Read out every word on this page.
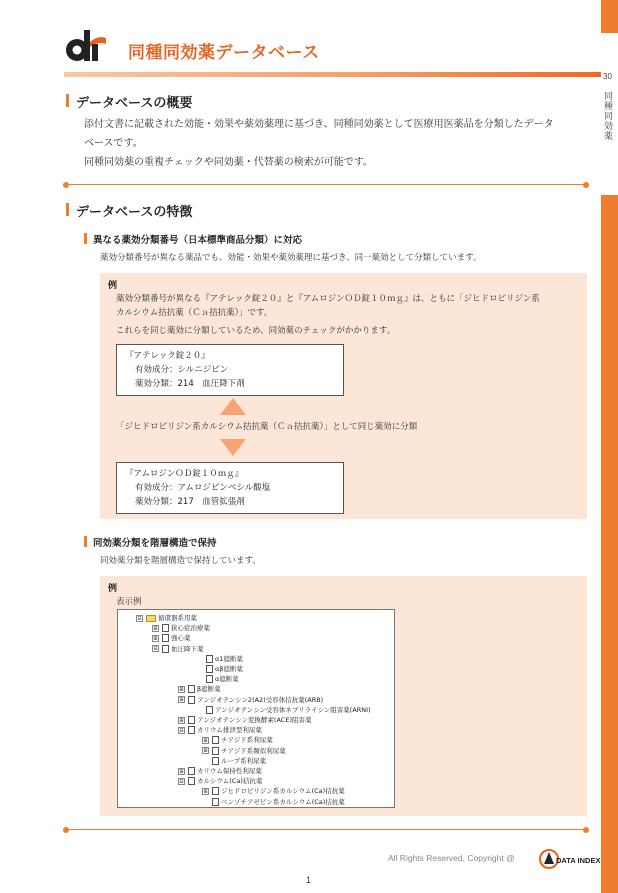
30
同種同効薬
同種同効薬データベース
データベースの概要
添付文書に記載された効能・効果や薬効薬理に基づき、同種同効薬として医療用医薬品を分類したデータ
ベースです。
同種同効薬の重複チェックや同効薬・代替薬の検索が可能です。
データベースの特徴
異なる薬効分類番号（日本標準商品分類）に対応
薬効分類番号が異なる薬品でも、効能・効果や薬効薬理に基づき、同一薬効として分類しています。
例
薬効分類番号が異なる『アテレック錠２０』と『アムロジンＯＤ錠１０ｍｇ』は、ともに「ジヒドロピリジン系
カルシウム拮抗薬（Ｃａ拮抗薬）」です。
これらを同じ薬効に分類しているため、同効薬のチェックがかかります。
『アテレック錠２０』
有効成分：シルニジピン
薬効分類：214　血圧降下剤
「ジヒドロピリジン系カルシウム拮抗薬（Ｃａ拮抗薬）」として同じ薬効に分類
『アムロジンＯＤ錠１０ｍｇ』
有効成分：アムロジピンベシル酸塩
薬効分類：217　血管拡張剤
同効薬分類を階層構造で保持
同効薬分類を階層構造で保持しています。
例
表示例
⊟	循環器系用薬
⊞ 狭心症治療薬
⊞ 強心薬
⊟ 血圧降下薬
α1遮断薬
αβ遮断薬
α遮断薬
⊞ β遮断薬
⊞ アンジオテンシン2(A2)受容体拮抗薬(ARB)
アンジオテンシン受容体ネプリライシン阻害薬(ARNI)
⊞ アンジオテンシン変換酵素(ACE)阻害薬
⊟ カリウム排泄型利尿薬
⊞ チアジド系利尿薬
⊞ チアジド系類似利尿薬
ループ系利尿薬
⊞ カリウム保持性利尿薬
⊟ カルシウム(Ca)拮抗薬
⊞ ジヒドロピリジン系カルシウム(Ca)拮抗薬
ベンゾチアゼピン系カルシウム(Ca)拮抗薬
All Rights Reserved, Copyright @	DATA INDEX
1
